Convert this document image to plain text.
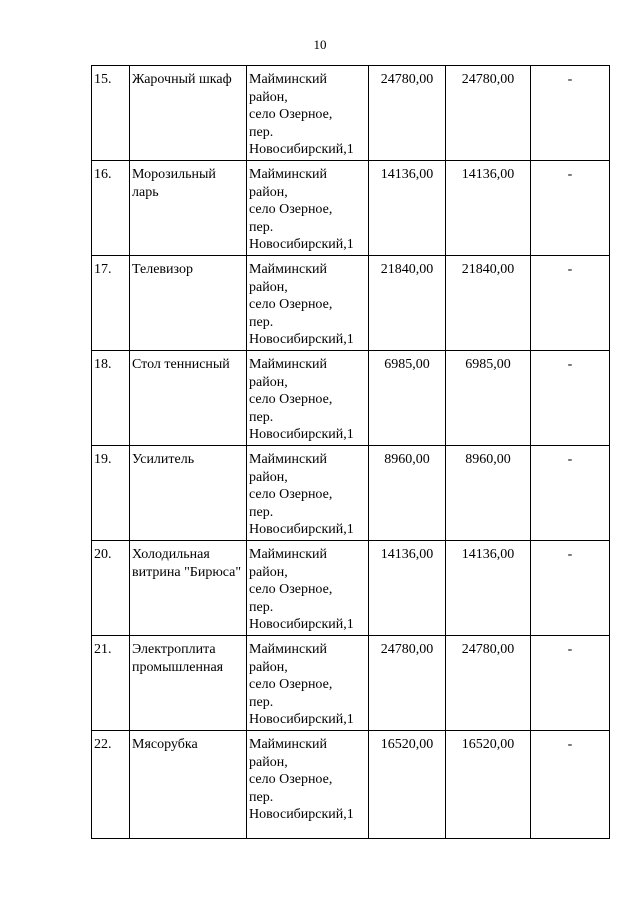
10
15.	Жарочный шкаф	Майминский
район,
село Озерное,
пер.
Новосибирский,1	24780,00	24780,00	-
16.	Морозильный ларь	Майминский
район,
село Озерное,
пер.
Новосибирский,1	14136,00	14136,00	-
17.	Телевизор	Майминский
район,
село Озерное,
пер.
Новосибирский,1	21840,00	21840,00	-
18.	Стол теннисный	Майминский
район,
село Озерное,
пер.
Новосибирский,1	6985,00	6985,00	-
19.	Усилитель	Майминский
район,
село Озерное,
пер.
Новосибирский,1	8960,00	8960,00	-
20.	Холодильная витрина "Бирюса"	Майминский
район,
село Озерное,
пер.
Новосибирский,1	14136,00	14136,00	-
21.	Электроплита промышленная	Майминский
район,
село Озерное,
пер.
Новосибирский,1	24780,00	24780,00	-
22.	Мясорубка	Майминский
район,
село Озерное,
пер.
Новосибирский,1	16520,00	16520,00	-
